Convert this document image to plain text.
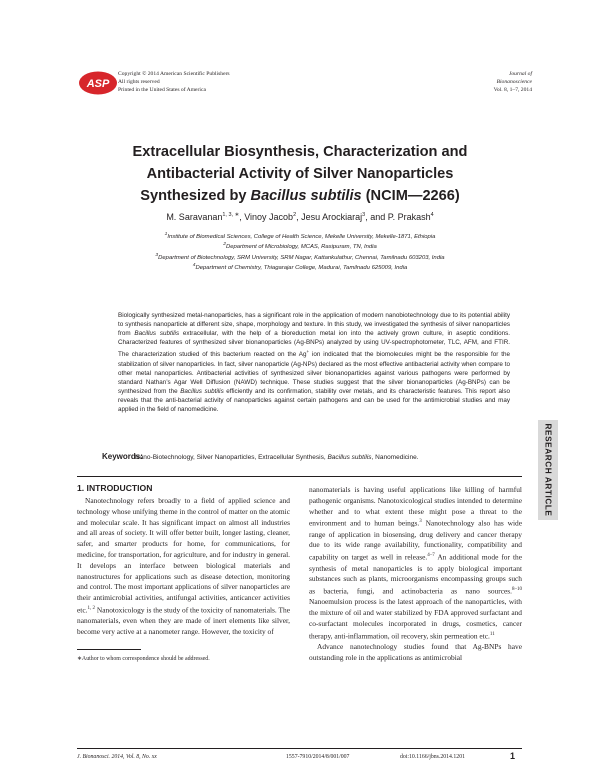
ASP
Copyright © 2014 American Scientific Publishers
All rights reserved
Printed in the United States of America
Journal of
Bionanoscience
Vol. 8, 1–7, 2014
Extracellular Biosynthesis, Characterization and
Antibacterial Activity of Silver Nanoparticles
Synthesized by Bacillus subtilis (NCIM—2266)
M. Saravanan$^{1, 3, ∗}$, Vinoy Jacob$^2$, Jesu Arockiaraj$^3$, and P. Prakash$^4$
$^1$Institute of Biomedical Sciences, College of Health Science, Mekelle University, Mekelle-1871, Ethiopia
$^2$Department of Microbiology, MCAS, Rasipuram, TN, India
$^3$Department of Biotechnology, SRM University, SRM Nagar, Kattankulathur, Chennai, Tamilnadu 603203, India
$^4$Department of Chemistry, Thiagarajar College, Madurai, Tamilnadu 625009, India
Biologically synthesized metal-nanoparticles, has a significant role in the application of modern nanobiotechnology due to its potential ability to synthesis nanoparticle at different size, shape, morphology and texture. In this study, we investigated the synthesis of silver nanoparticles from Bacillus subtilis extracellular, with the help of a bioreduction metal ion into the actively grown culture, in aseptic conditions. Characterized features of synthesized silver bionanoparticles (Ag-BNPs) analyzed by using UV-spectrophotometer, TLC, AFM, and FTIR. The characterization studied of this bacterium reacted on the Ag+ ion indicated that the biomolecules might be the responsible for the stabilization of silver nanoparticles. In fact, silver nanoparticle (Ag-NPs) declared as the most effective antibacterial activity when compare to other metal nanoparticles. Antibacterial activities of synthesized silver bionanoparticles against various pathogens were performed by standard Nathan’s Agar Well Diffusion (NAWD) technique. These studies suggest that the silver bionanoparticles (Ag-BNPs) can be synthesized from the Bacillus subtilis efficiently and its confirmation, stability over metals, and its characteristic features. This report also reveals that the anti-bacterial activity of nanoparticles against certain pathogens and can be used for the antimicrobial studies and may applied in the field of nanomedicine.
Keywords:
Nano-Biotechnology, Silver Nanoparticles, Extracellular Synthesis, Bacillus subtilis, Nanomedicine.	RESEARCH ARTICLE
1. INTRODUCTION

Nanotechnology refers broadly to a field of applied science and technology whose unifying theme in the control of matter on the atomic and molecular scale. It has significant impact on almost all industries and all areas of society. It will offer better built, longer lasting, cleaner, safer, and smarter products for home, for communications, for medicine, for transportation, for agriculture, and for industry in general. It develops an interface between biological materials and nanostructures for applications such as disease detection, monitoring and control. The most important applications of silver nanoparticles are their antimicrobial activities, antifungal activities, anticancer activities etc.$^{1, 2}$ Nanotoxicology is the study of the toxicity of nanomaterials. The nanomaterials, even when they are made of inert elements like silver, become very active at a nanometer range. However, the toxicity of

nanomaterials is having useful applications like killing of harmful pathogenic organisms. Nanotoxicological studies intended to determine whether and to what extent these might pose a threat to the environment and to human beings.$^3$ Nanotechnology also has wide range of application in biosensing, drug delivery and cancer therapy due to its wide range availability, functionality, compatibility and capability on target as well in release.$^{4-7}$ An additional mode for the synthesis of metal nanoparticles is to apply biological important substances such as plants, microorganisms encompassing groups such as bacteria, fungi, and actinobacteria as nano sources.$^{8-10}$ Nanoemulsion process is the latest approach of the nanoparticles, with the mixture of oil and water stabilized by FDA approved surfactant and co-surfactant molecules incorporated in drugs, cosmetics, cancer therapy, anti-inflammation, oil recovery, skin permeation etc.$^{11}$

Advance nanotechnology studies found that Ag-BNPs have outstanding role in the applications as antimicrobial

∗Author to whom correspondence should be addressed.
J. Bionanosci. 2014, Vol. 8, No. xx	1557-7910/2014/8/001/007	doi:10.1166/jbns.2014.1201	1
